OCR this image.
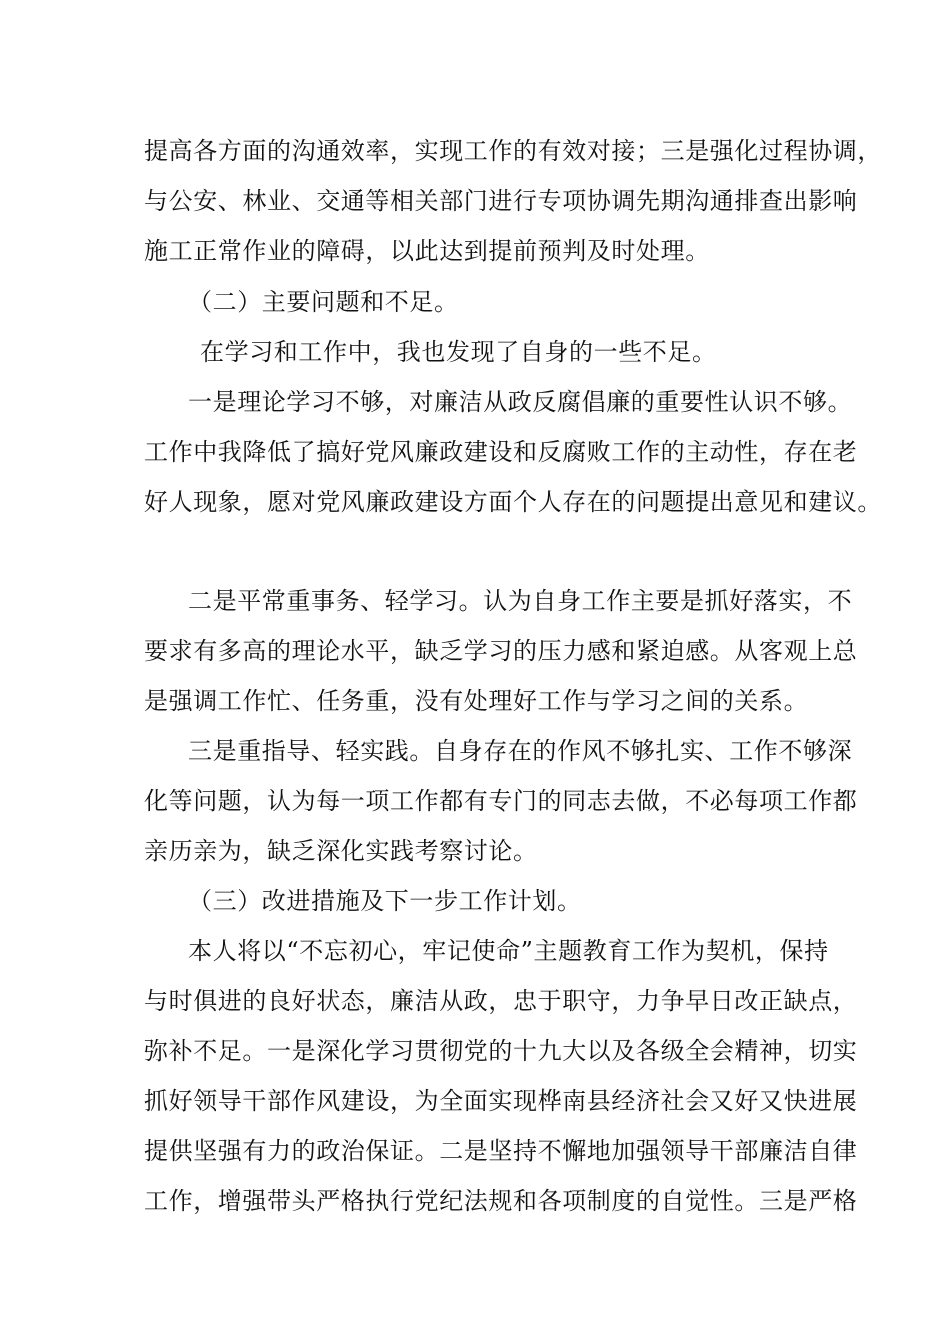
提高各方面的沟通效率，实现工作的有效对接；三是强化过程协调，
与公安、林业、交通等相关部门进行专项协调先期沟通排查出影响
施工正常作业的障碍，以此达到提前预判及时处理。
（二）主要问题和不足。
在学习和工作中，我也发现了自身的一些不足。
一是理论学习不够，对廉洁从政反腐倡廉的重要性认识不够。
工作中我降低了搞好党风廉政建设和反腐败工作的主动性，存在老
好人现象，愿对党风廉政建设方面个人存在的问题提出意见和建议。
二是平常重事务、轻学习。认为自身工作主要是抓好落实，不
要求有多高的理论水平，缺乏学习的压力感和紧迫感。从客观上总
是强调工作忙、任务重，没有处理好工作与学习之间的关系。
三是重指导、轻实践。自身存在的作风不够扎实、工作不够深
化等问题，认为每一项工作都有专门的同志去做，不必每项工作都
亲历亲为，缺乏深化实践考察讨论。
（三）改进措施及下一步工作计划。
本人将以“不忘初心，牢记使命”主题教育工作为契机，保持
与时俱进的良好状态，廉洁从政，忠于职守，力争早日改正缺点，
弥补不足。一是深化学习贯彻党的十九大以及各级全会精神，切实
抓好领导干部作风建设，为全面实现桦南县经济社会又好又快进展
提供坚强有力的政治保证。二是坚持不懈地加强领导干部廉洁自律
工作，增强带头严格执行党纪法规和各项制度的自觉性。三是严格
